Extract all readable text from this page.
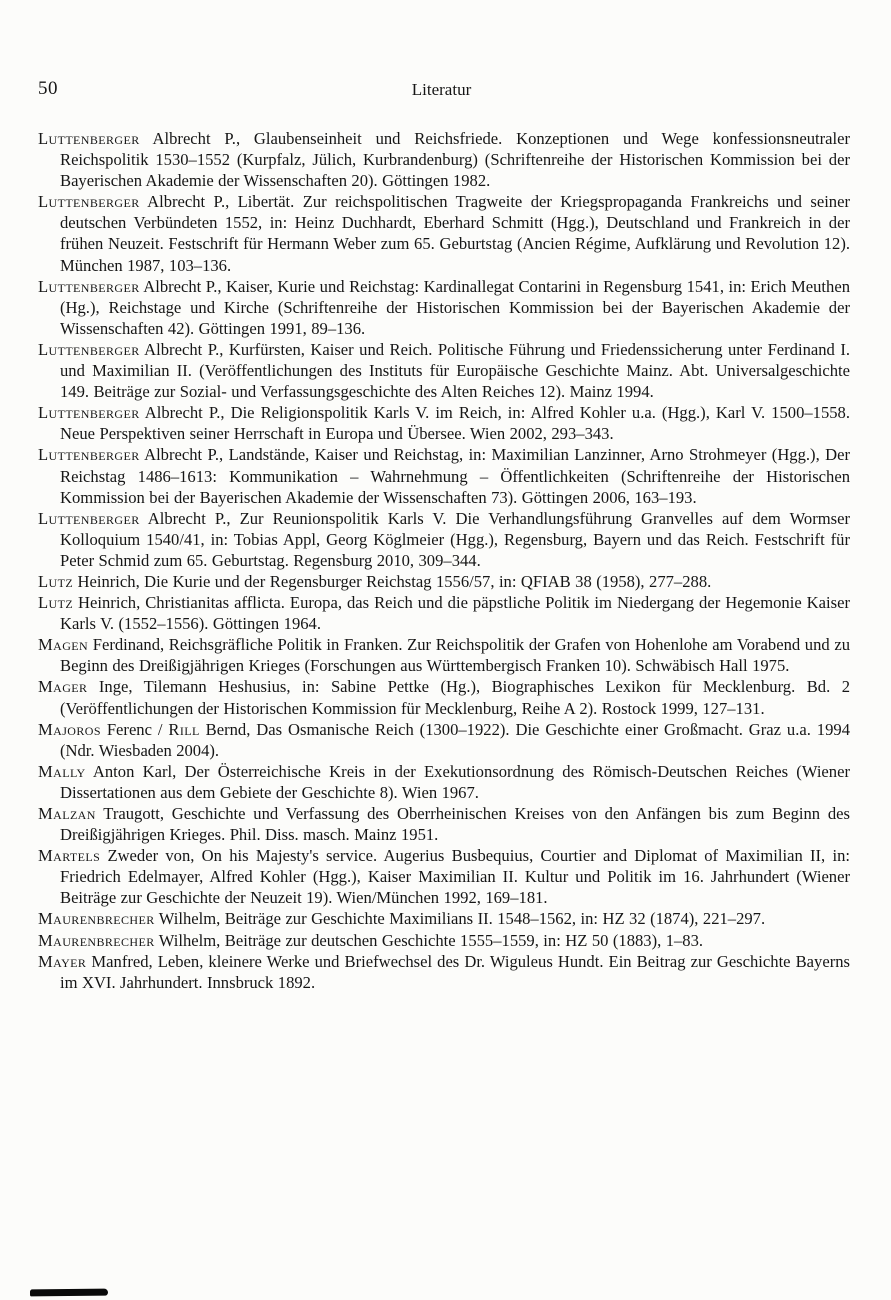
50	Literatur

Luttenberger Albrecht P., Glaubenseinheit und Reichsfriede. Konzeptionen und Wege konfessionsneutraler Reichspolitik 1530–1552 (Kurpfalz, Jülich, Kurbrandenburg) (Schriftenreihe der Historischen Kommission bei der Bayerischen Akademie der Wissenschaften 20). Göttingen 1982.

Luttenberger Albrecht P., Libertät. Zur reichspolitischen Tragweite der Kriegspropaganda Frankreichs und seiner deutschen Verbündeten 1552, in: Heinz Duchhardt, Eberhard Schmitt (Hgg.), Deutschland und Frankreich in der frühen Neuzeit. Festschrift für Hermann Weber zum 65. Geburtstag (Ancien Régime, Aufklärung und Revolution 12). München 1987, 103–136.

Luttenberger Albrecht P., Kaiser, Kurie und Reichstag: Kardinallegat Contarini in Regensburg 1541, in: Erich Meuthen (Hg.), Reichstage und Kirche (Schriftenreihe der Historischen Kommission bei der Bayerischen Akademie der Wissenschaften 42). Göttingen 1991, 89–136.

Luttenberger Albrecht P., Kurfürsten, Kaiser und Reich. Politische Führung und Friedenssicherung unter Ferdinand I. und Maximilian II. (Veröffentlichungen des Instituts für Europäische Geschichte Mainz. Abt. Universalgeschichte 149. Beiträge zur Sozial- und Verfassungsgeschichte des Alten Reiches 12). Mainz 1994.

Luttenberger Albrecht P., Die Religionspolitik Karls V. im Reich, in: Alfred Kohler u.a. (Hgg.), Karl V. 1500–1558. Neue Perspektiven seiner Herrschaft in Europa und Übersee. Wien 2002, 293–343.

Luttenberger Albrecht P., Landstände, Kaiser und Reichstag, in: Maximilian Lanzinner, Arno Strohmeyer (Hgg.), Der Reichstag 1486–1613: Kommunikation – Wahrnehmung – Öffentlichkeiten (Schriftenreihe der Historischen Kommission bei der Bayerischen Akademie der Wissenschaften 73). Göttingen 2006, 163–193.

Luttenberger Albrecht P., Zur Reunionspolitik Karls V. Die Verhandlungsführung Granvelles auf dem Wormser Kolloquium 1540/41, in: Tobias Appl, Georg Köglmeier (Hgg.), Regensburg, Bayern und das Reich. Festschrift für Peter Schmid zum 65. Geburtstag. Regensburg 2010, 309–344.

Lutz Heinrich, Die Kurie und der Regensburger Reichstag 1556/57, in: QFIAB 38 (1958), 277–288.

Lutz Heinrich, Christianitas afflicta. Europa, das Reich und die päpstliche Politik im Niedergang der Hegemonie Kaiser Karls V. (1552–1556). Göttingen 1964.

Magen Ferdinand, Reichsgräfliche Politik in Franken. Zur Reichspolitik der Grafen von Hohenlohe am Vorabend und zu Beginn des Dreißigjährigen Krieges (Forschungen aus Württembergisch Franken 10). Schwäbisch Hall 1975.

Mager Inge, Tilemann Heshusius, in: Sabine Pettke (Hg.), Biographisches Lexikon für Mecklenburg. Bd. 2 (Veröffentlichungen der Historischen Kommission für Mecklenburg, Reihe A 2). Rostock 1999, 127–131.

Majoros Ferenc / Rill Bernd, Das Osmanische Reich (1300–1922). Die Geschichte einer Großmacht. Graz u.a. 1994 (Ndr. Wiesbaden 2004).

Mally Anton Karl, Der Österreichische Kreis in der Exekutionsordnung des Römisch-Deutschen Reiches (Wiener Dissertationen aus dem Gebiete der Geschichte 8). Wien 1967.

Malzan Traugott, Geschichte und Verfassung des Oberrheinischen Kreises von den Anfängen bis zum Beginn des Dreißigjährigen Krieges. Phil. Diss. masch. Mainz 1951.

Martels Zweder von, On his Majesty's service. Augerius Busbequius, Courtier and Diplomat of Maximilian II, in: Friedrich Edelmayer, Alfred Kohler (Hgg.), Kaiser Maximilian II. Kultur und Politik im 16. Jahrhundert (Wiener Beiträge zur Geschichte der Neuzeit 19). Wien/München 1992, 169–181.

Maurenbrecher Wilhelm, Beiträge zur Geschichte Maximilians II. 1548–1562, in: HZ 32 (1874), 221–297.

Maurenbrecher Wilhelm, Beiträge zur deutschen Geschichte 1555–1559, in: HZ 50 (1883), 1–83.

Mayer Manfred, Leben, kleinere Werke und Briefwechsel des Dr. Wiguleus Hundt. Ein Beitrag zur Geschichte Bayerns im XVI. Jahrhundert. Innsbruck 1892.
